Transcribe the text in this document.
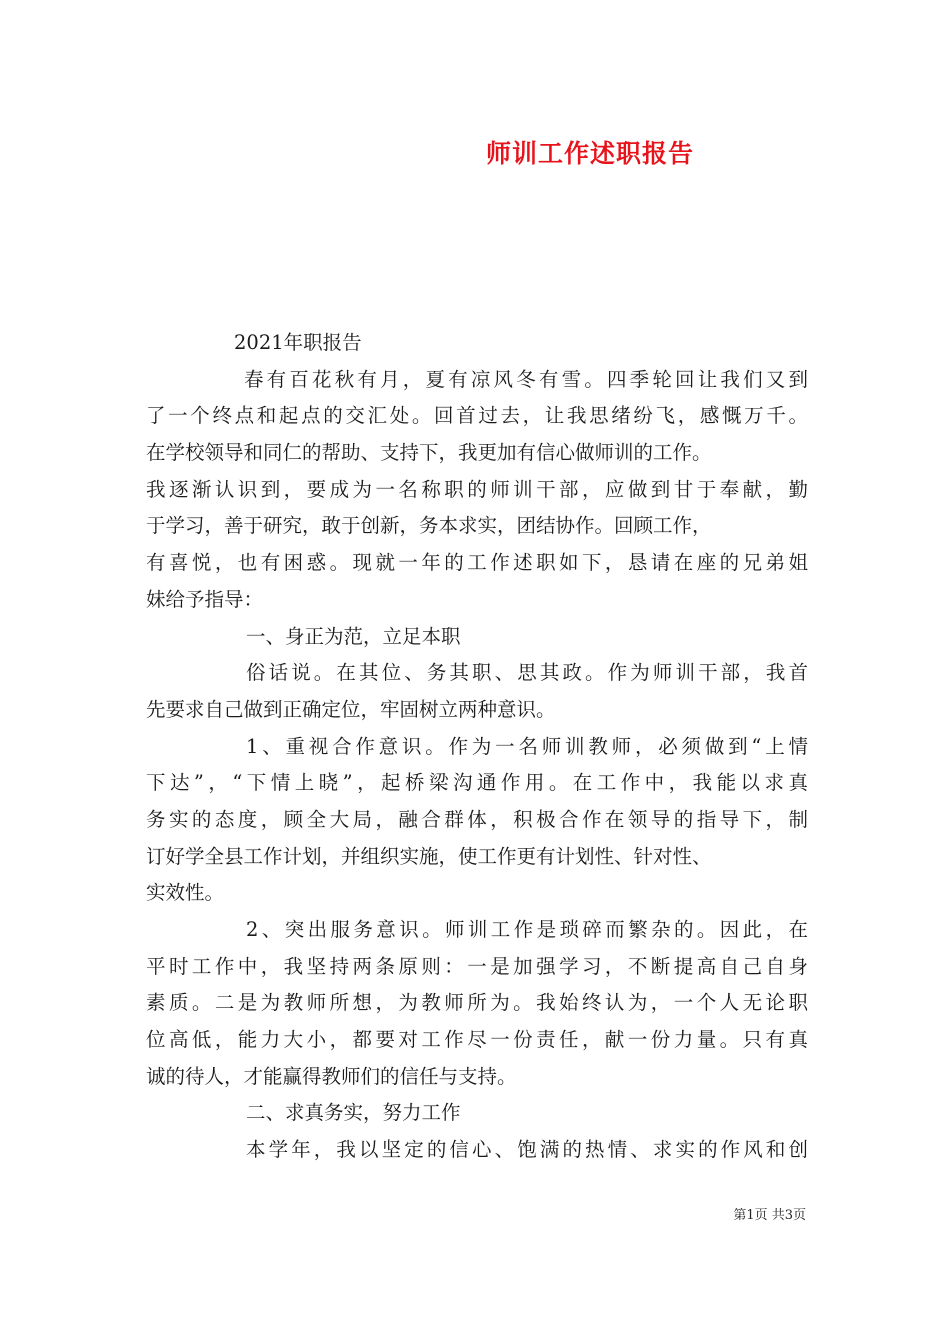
师训工作述职报告
2021年职报告
春有百花秋有月，夏有凉风冬有雪。四季轮回让我们又到
了一个终点和起点的交汇处。回首过去，让我思绪纷飞，感慨万千。
在学校领导和同仁的帮助、支持下，我更加有信心做师训的工作。
我逐渐认识到，要成为一名称职的师训干部，应做到甘于奉献，勤
于学习，善于研究，敢于创新，务本求实，团结协作。回顾工作，
有喜悦，也有困惑。现就一年的工作述职如下，恳请在座的兄弟姐
妹给予指导：
一、身正为范，立足本职
俗话说。在其位、务其职、思其政。作为师训干部，我首
先要求自己做到正确定位，牢固树立两种意识。
1、重视合作意识。作为一名师训教师，必须做到“上情
下达”，“下情上晓”，起桥梁沟通作用。在工作中，我能以求真
务实的态度，顾全大局，融合群体，积极合作在领导的指导下，制
订好学全县工作计划，并组织实施，使工作更有计划性、针对性、
实效性。
2、突出服务意识。师训工作是琐碎而繁杂的。因此，在
平时工作中，我坚持两条原则：一是加强学习，不断提高自己自身
素质。二是为教师所想，为教师所为。我始终认为，一个人无论职
位高低，能力大小，都要对工作尽一份责任，献一份力量。只有真
诚的待人，才能赢得教师们的信任与支持。
二、求真务实，努力工作
本学年，我以坚定的信心、饱满的热情、求实的作风和创
第1页 共3页
